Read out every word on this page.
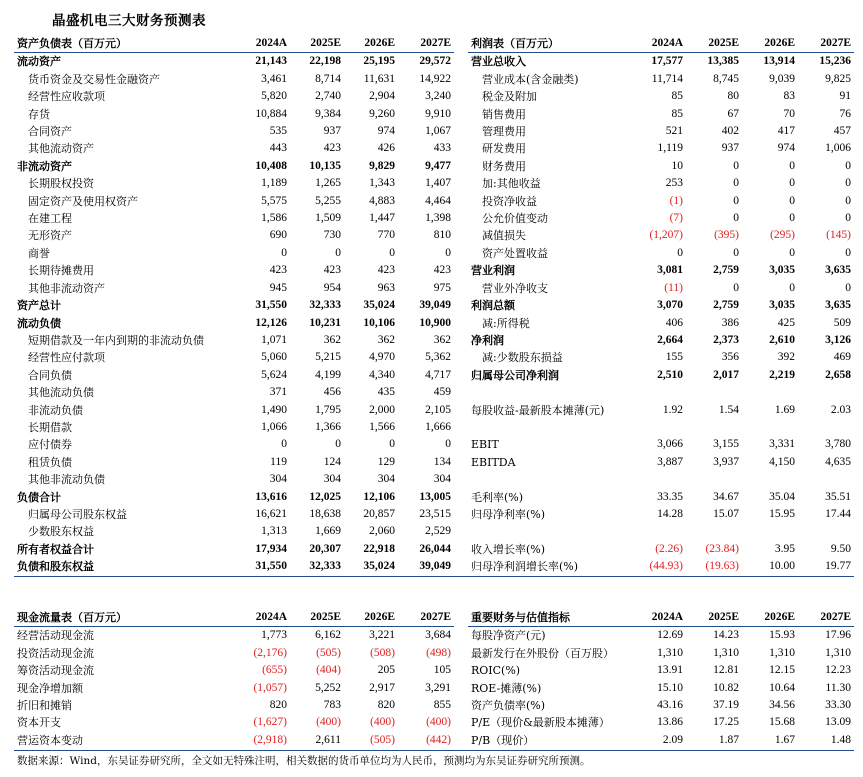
晶盛机电三大财务预测表
资产负债表（百万元）	2024A	2025E	2026E	2027E
流动资产	21,143	22,198	25,195	29,572
货币资金及交易性金融资产	3,461	8,714	11,631	14,922
经营性应收款项	5,820	2,740	2,904	3,240
存货	10,884	9,384	9,260	9,910
合同资产	535	937	974	1,067
其他流动资产	443	423	426	433
非流动资产	10,408	10,135	9,829	9,477
长期股权投资	1,189	1,265	1,343	1,407
固定资产及使用权资产	5,575	5,255	4,883	4,464
在建工程	1,586	1,509	1,447	1,398
无形资产	690	730	770	810
商誉	0	0	0	0
长期待摊费用	423	423	423	423
其他非流动资产	945	954	963	975
资产总计	31,550	32,333	35,024	39,049
流动负债	12,126	10,231	10,106	10,900
短期借款及一年内到期的非流动负债	1,071	362	362	362
经营性应付款项	5,060	5,215	4,970	5,362
合同负债	5,624	4,199	4,340	4,717
其他流动负债	371	456	435	459
非流动负债	1,490	1,795	2,000	2,105
长期借款	1,066	1,366	1,566	1,666
应付债券	0	0	0	0
租赁负债	119	124	129	134
其他非流动负债	304	304	304	304
负债合计	13,616	12,025	12,106	13,005
归属母公司股东权益	16,621	18,638	20,857	23,515
少数股东权益	1,313	1,669	2,060	2,529
所有者权益合计	17,934	20,307	22,918	26,044
负债和股东权益	31,550	32,333	35,024	39,049
利润表（百万元）	2024A	2025E	2026E	2027E
营业总收入	17,577	13,385	13,914	15,236
营业成本(含金融类)	11,714	8,745	9,039	9,825
税金及附加	85	80	83	91
销售费用	85	67	70	76
管理费用	521	402	417	457
研发费用	1,119	937	974	1,006
财务费用	10	0	0	0
加:其他收益	253	0	0	0
投资净收益	(1)	0	0	0
公允价值变动	(7)	0	0	0
减值损失	(1,207)	(395)	(295)	(145)
资产处置收益	0	0	0	0
营业利润	3,081	2,759	3,035	3,635
营业外净收支	(11)	0	0	0
利润总额	3,070	2,759	3,035	3,635
减:所得税	406	386	425	509
净利润	2,664	2,373	2,610	3,126
减:少数股东损益	155	356	392	469
归属母公司净利润	2,510	2,017	2,219	2,658

每股收益-最新股本摊薄(元)	1.92	1.54	1.69	2.03

EBIT	3,066	3,155	3,331	3,780
EBITDA	3,887	3,937	4,150	4,635

毛利率(%)	33.35	34.67	35.04	35.51
归母净利率(%)	14.28	15.07	15.95	17.44

收入增长率(%)	(2.26)	(23.84)	3.95	9.50
归母净利润增长率(%)	(44.93)	(19.63)	10.00	19.77
现金流量表（百万元）	2024A	2025E	2026E	2027E
经营活动现金流	1,773	6,162	3,221	3,684
投资活动现金流	(2,176)	(505)	(508)	(498)
筹资活动现金流	(655)	(404)	205	105
现金净增加额	(1,057)	5,252	2,917	3,291
折旧和摊销	820	783	820	855
资本开支	(1,627)	(400)	(400)	(400)
营运资本变动	(2,918)	2,611	(505)	(442)
重要财务与估值指标	2024A	2025E	2026E	2027E
每股净资产(元)	12.69	14.23	15.93	17.96
最新发行在外股份（百万股）	1,310	1,310	1,310	1,310
ROIC(%)	13.91	12.81	12.15	12.23
ROE-摊薄(%)	15.10	10.82	10.64	11.30
资产负债率(%)	43.16	37.19	34.56	33.30
P/E（现价&最新股本摊薄）	13.86	17.25	15.68	13.09
P/B（现价）	2.09	1.87	1.67	1.48
数据来源：Wind，东吴证券研究所，全文如无特殊注明，相关数据的货币单位均为人民币，预测均为东吴证券研究所预测。
